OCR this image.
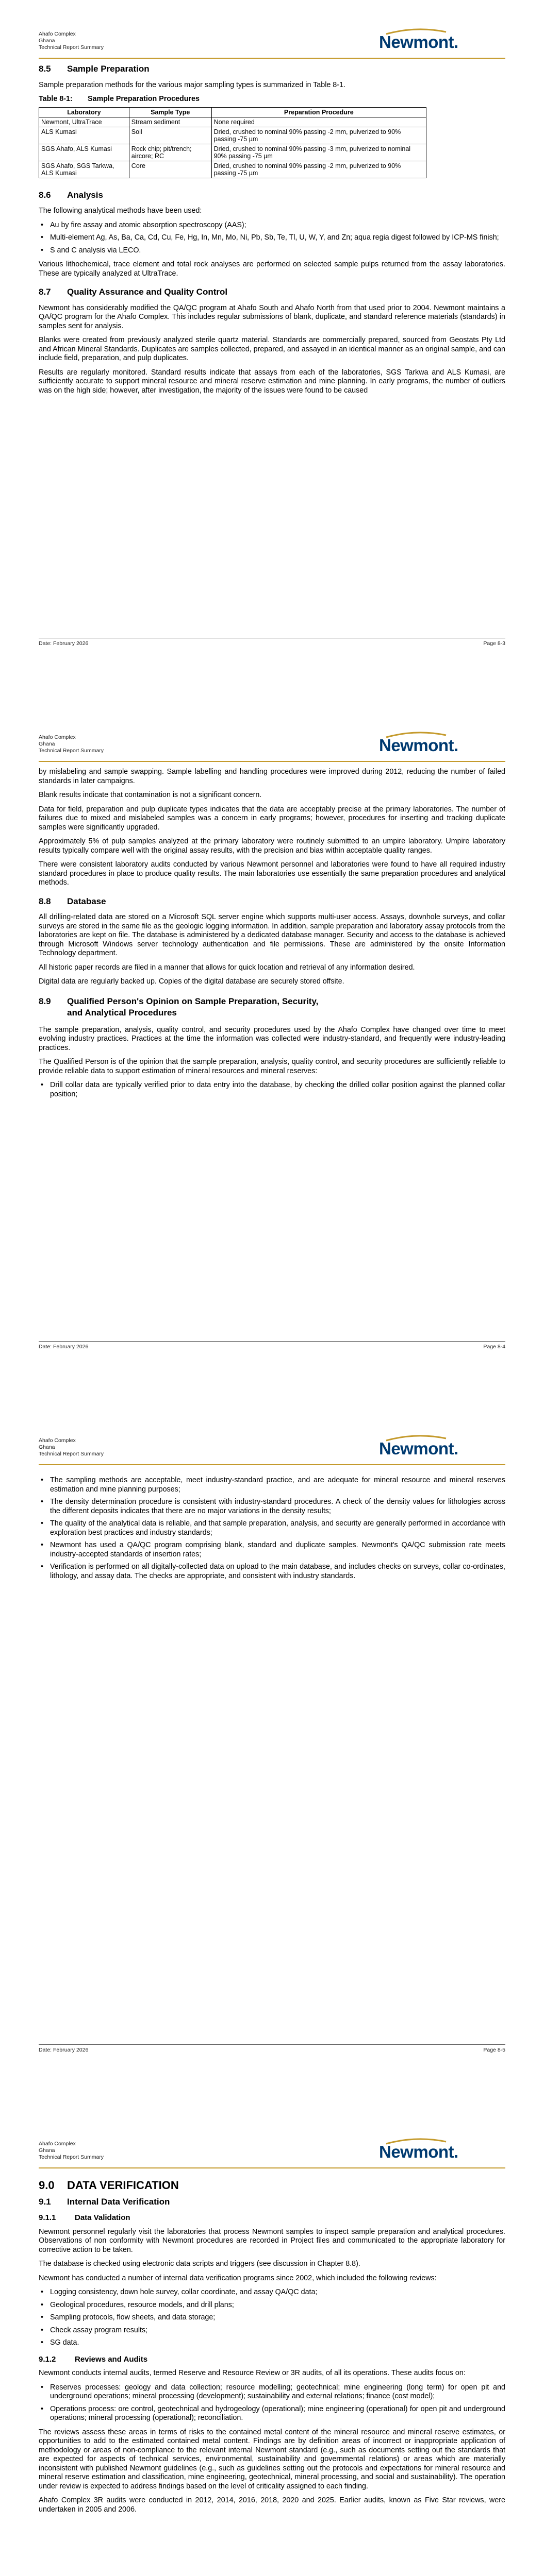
Ahafo Complex
Ghana
Technical Report Summary	Newmont.
8.5 Sample Preparation

Sample preparation methods for the various major sampling types is summarized in Table 8-1.

Table 8-1: Sample Preparation Procedures
Laboratory	Sample Type	Preparation Procedure
Newmont, UltraTrace	Stream sediment	None required
ALS Kumasi	Soil	Dried, crushed to nominal 90% passing -2 mm, pulverized to 90% passing -75 µm
SGS Ahafo, ALS Kumasi	Rock chip; pit/trench; aircore; RC	Dried, crushed to nominal 90% passing -3 mm, pulverized to nominal 90% passing -75 µm
SGS Ahafo, SGS Tarkwa, ALS Kumasi	Core	Dried, crushed to nominal 90% passing -2 mm, pulverized to 90% passing -75 µm
8.6 Analysis

The following analytical methods have been used:

• Au by fire assay and atomic absorption spectroscopy (AAS);
• Multi-element Ag, As, Ba, Ca, Cd, Cu, Fe, Hg, In, Mn, Mo, Ni, Pb, Sb, Te, Tl, U, W, Y, and Zn; aqua regia digest followed by ICP-MS finish;
• S and C analysis via LECO.

Various lithochemical, trace element and total rock analyses are performed on selected sample pulps returned from the assay laboratories. These are typically analyzed at UltraTrace.

8.7 Quality Assurance and Quality Control

Newmont has considerably modified the QA/QC program at Ahafo South and Ahafo North from that used prior to 2004. Newmont maintains a QA/QC program for the Ahafo Complex. This includes regular submissions of blank, duplicate, and standard reference materials (standards) in samples sent for analysis.

Blanks were created from previously analyzed sterile quartz material. Standards are commercially prepared, sourced from Geostats Pty Ltd and African Mineral Standards. Duplicates are samples collected, prepared, and assayed in an identical manner as an original sample, and can include field, preparation, and pulp duplicates.

Results are regularly monitored. Standard results indicate that assays from each of the laboratories, SGS Tarkwa and ALS Kumasi, are sufficiently accurate to support mineral resource and mineral reserve estimation and mine planning. In early programs, the number of outliers was on the high side; however, after investigation, the majority of the issues were found to be caused

Date: February 2026	Page 8-3
Ahafo Complex
Ghana
Technical Report Summary	Newmont.

by mislabeling and sample swapping. Sample labelling and handling procedures were improved during 2012, reducing the number of failed standards in later campaigns.

Blank results indicate that contamination is not a significant concern.

Data for field, preparation and pulp duplicate types indicates that the data are acceptably precise at the primary laboratories. The number of failures due to mixed and mislabeled samples was a concern in early programs; however, procedures for inserting and tracking duplicate samples were significantly upgraded.

Approximately 5% of pulp samples analyzed at the primary laboratory were routinely submitted to an umpire laboratory. Umpire laboratory results typically compare well with the original assay results, with the precision and bias within acceptable quality ranges.

There were consistent laboratory audits conducted by various Newmont personnel and laboratories were found to have all required industry standard procedures in place to produce quality results. The main laboratories use essentially the same preparation procedures and analytical methods.

8.8 Database

All drilling-related data are stored on a Microsoft SQL server engine which supports multi-user access. Assays, downhole surveys, and collar surveys are stored in the same file as the geologic logging information. In addition, sample preparation and laboratory assay protocols from the laboratories are kept on file. The database is administered by a dedicated database manager. Security and access to the database is achieved through Microsoft Windows server technology authentication and file permissions. These are administered by the onsite Information Technology department.

All historic paper records are filed in a manner that allows for quick location and retrieval of any information desired.

Digital data are regularly backed up. Copies of the digital database are securely stored offsite.

8.9 Qualified Person's Opinion on Sample Preparation, Security,
and Analytical Procedures

The sample preparation, analysis, quality control, and security procedures used by the Ahafo Complex have changed over time to meet evolving industry practices. Practices at the time the information was collected were industry-standard, and frequently were industry-leading practices.

The Qualified Person is of the opinion that the sample preparation, analysis, quality control, and security procedures are sufficiently reliable to provide reliable data to support estimation of mineral resources and mineral reserves:

• Drill collar data are typically verified prior to data entry into the database, by checking the drilled collar position against the planned collar position;
Date: February 2026	Page 8-4
Ahafo Complex
Ghana
Technical Report Summary	Newmont.
• The sampling methods are acceptable, meet industry-standard practice, and are adequate for mineral resource and mineral reserves estimation and mine planning purposes;
• The density determination procedure is consistent with industry-standard procedures. A check of the density values for lithologies across the different deposits indicates that there are no major variations in the density results;
• The quality of the analytical data is reliable, and that sample preparation, analysis, and security are generally performed in accordance with exploration best practices and industry standards;
• Newmont has used a QA/QC program comprising blank, standard and duplicate samples. Newmont's QA/QC submission rate meets industry-accepted standards of insertion rates;
• Verification is performed on all digitally-collected data on upload to the main database, and includes checks on surveys, collar co-ordinates, lithology, and assay data. The checks are appropriate, and consistent with industry standards.
Date: February 2026	Page 8-5
Ahafo Complex
Ghana
Technical Report Summary	Newmont.
9.0 DATA VERIFICATION
9.1 Internal Data Verification
9.1.1 Data Validation

Newmont personnel regularly visit the laboratories that process Newmont samples to inspect sample preparation and analytical procedures. Observations of non conformity with Newmont procedures are recorded in Project files and communicated to the appropriate laboratory for corrective action to be taken.

The database is checked using electronic data scripts and triggers (see discussion in Chapter 8.8).

Newmont has conducted a number of internal data verification programs since 2002, which included the following reviews:

• Logging consistency, down hole survey, collar coordinate, and assay QA/QC data;
• Geological procedures, resource models, and drill plans;
• Sampling protocols, flow sheets, and data storage;
• Check assay program results;
• SG data.
9.1.2 Reviews and Audits

Newmont conducts internal audits, termed Reserve and Resource Review or 3R audits, of all its operations. These audits focus on:

• Reserves processes: geology and data collection; resource modelling; geotechnical; mine engineering (long term) for open pit and underground operations; mineral processing (development); sustainability and external relations; finance (cost model);
• Operations process: ore control, geotechnical and hydrogeology (operational); mine engineering (operational) for open pit and underground operations; mineral processing (operational); reconciliation.

The reviews assess these areas in terms of risks to the contained metal content of the mineral resource and mineral reserve estimates, or opportunities to add to the estimated contained metal content. Findings are by definition areas of incorrect or inappropriate application of methodology or areas of non-compliance to the relevant internal Newmont standard (e.g., such as documents setting out the standards that are expected for aspects of technical services, environmental, sustainability and governmental relations) or areas which are materially inconsistent with published Newmont guidelines (e.g., such as guidelines setting out the protocols and expectations for mineral resource and mineral reserve estimation and classification, mine engineering, geotechnical, mineral processing, and social and sustainability). The operation under review is expected to address findings based on the level of criticality assigned to each finding.

Ahafo Complex 3R audits were conducted in 2012, 2014, 2016, 2018, 2020 and 2025. Earlier audits, known as Five Star reviews, were undertaken in 2005 and 2006.
